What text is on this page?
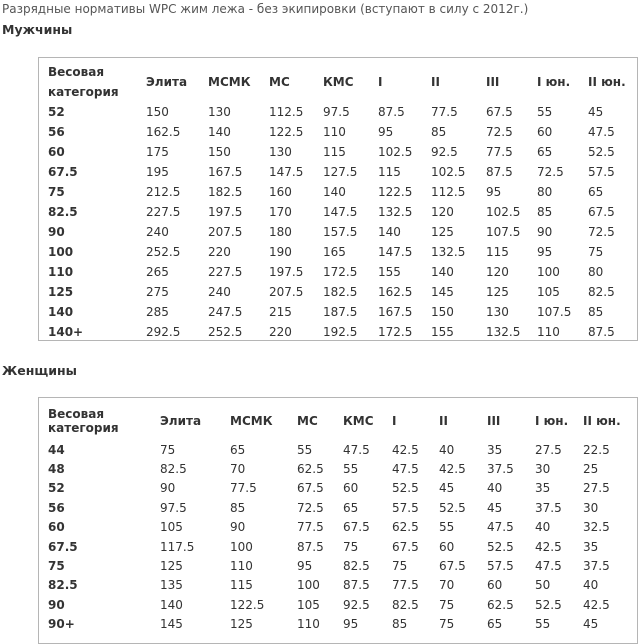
Разрядные нормативы WPC жим лежа - без экипировки (вступают в силу с 2012г.)
Мужчины
Весовая
категория	Элита	МСМК	МС	КМС	I	II	III	I юн.	II юн.
52	150	130	112.5	97.5	87.5	77.5	67.5	55	45
56	162.5	140	122.5	110	95	85	72.5	60	47.5
60	175	150	130	115	102.5	92.5	77.5	65	52.5
67.5	195	167.5	147.5	127.5	115	102.5	87.5	72.5	57.5
75	212.5	182.5	160	140	122.5	112.5	95	80	65
82.5	227.5	197.5	170	147.5	132.5	120	102.5	85	67.5
90	240	207.5	180	157.5	140	125	107.5	90	72.5
100	252.5	220	190	165	147.5	132.5	115	95	75
110	265	227.5	197.5	172.5	155	140	120	100	80
125	275	240	207.5	182.5	162.5	145	125	105	82.5
140	285	247.5	215	187.5	167.5	150	130	107.5	85
140+	292.5	252.5	220	192.5	172.5	155	132.5	110	87.5
Женщины
Весовая
категория	Элита	МСМК	МС	КМС	I	II	III	I юн.	II юн.
44	75	65	55	47.5	42.5	40	35	27.5	22.5
48	82.5	70	62.5	55	47.5	42.5	37.5	30	25
52	90	77.5	67.5	60	52.5	45	40	35	27.5
56	97.5	85	72.5	65	57.5	52.5	45	37.5	30
60	105	90	77.5	67.5	62.5	55	47.5	40	32.5
67.5	117.5	100	87.5	75	67.5	60	52.5	42.5	35
75	125	110	95	82.5	75	67.5	57.5	47.5	37.5
82.5	135	115	100	87.5	77.5	70	60	50	40
90	140	122.5	105	92.5	82.5	75	62.5	52.5	42.5
90+	145	125	110	95	85	75	65	55	45
